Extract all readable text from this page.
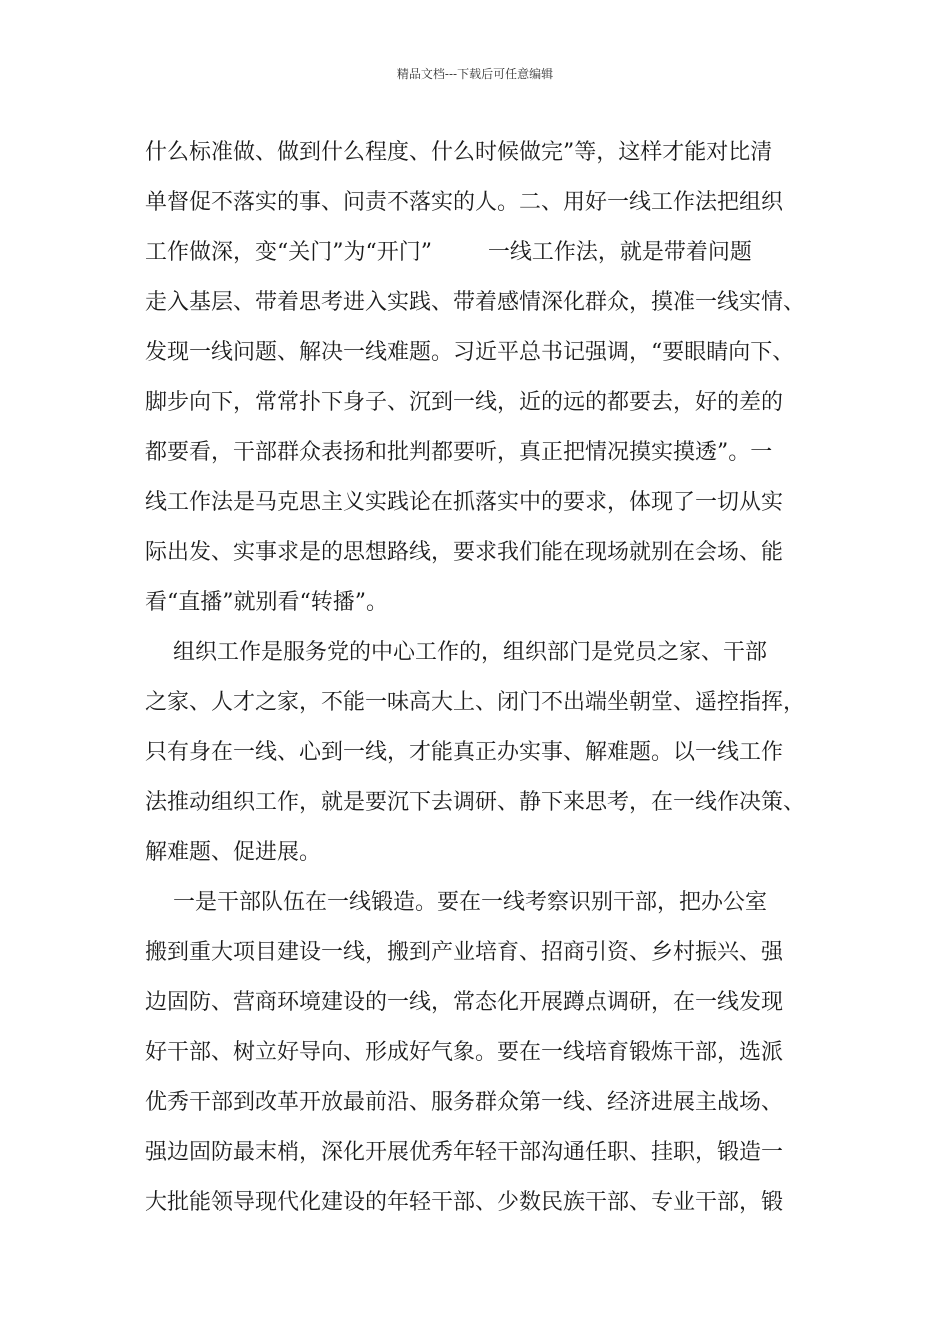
精品文档---下载后可任意编辑
什么标准做、做到什么程度、什么时候做完”等，这样才能对比清
单督促不落实的事、问责不落实的人。二、用好一线工作法把组织
工作做深，变“关门”为“开门”        一线工作法，就是带着问题
走入基层、带着思考进入实践、带着感情深化群众，摸准一线实情、
发现一线问题、解决一线难题。习近平总书记强调，“要眼睛向下、
脚步向下，常常扑下身子、沉到一线，近的远的都要去，好的差的
都要看，干部群众表扬和批判都要听，真正把情况摸实摸透”。一
线工作法是马克思主义实践论在抓落实中的要求，体现了一切从实
际出发、实事求是的思想路线，要求我们能在现场就别在会场、能
看“直播”就别看“转播”。
组织工作是服务党的中心工作的，组织部门是党员之家、干部
之家、人才之家，不能一味高大上、闭门不出端坐朝堂、遥控指挥，
只有身在一线、心到一线，才能真正办实事、解难题。以一线工作
法推动组织工作，就是要沉下去调研、静下来思考，在一线作决策、
解难题、促进展。
一是干部队伍在一线锻造。要在一线考察识别干部，把办公室
搬到重大项目建设一线，搬到产业培育、招商引资、乡村振兴、强
边固防、营商环境建设的一线，常态化开展蹲点调研，在一线发现
好干部、树立好导向、形成好气象。要在一线培育锻炼干部，选派
优秀干部到改革开放最前沿、服务群众第一线、经济进展主战场、
强边固防最末梢，深化开展优秀年轻干部沟通任职、挂职，锻造一
大批能领导现代化建设的年轻干部、少数民族干部、专业干部，锻
